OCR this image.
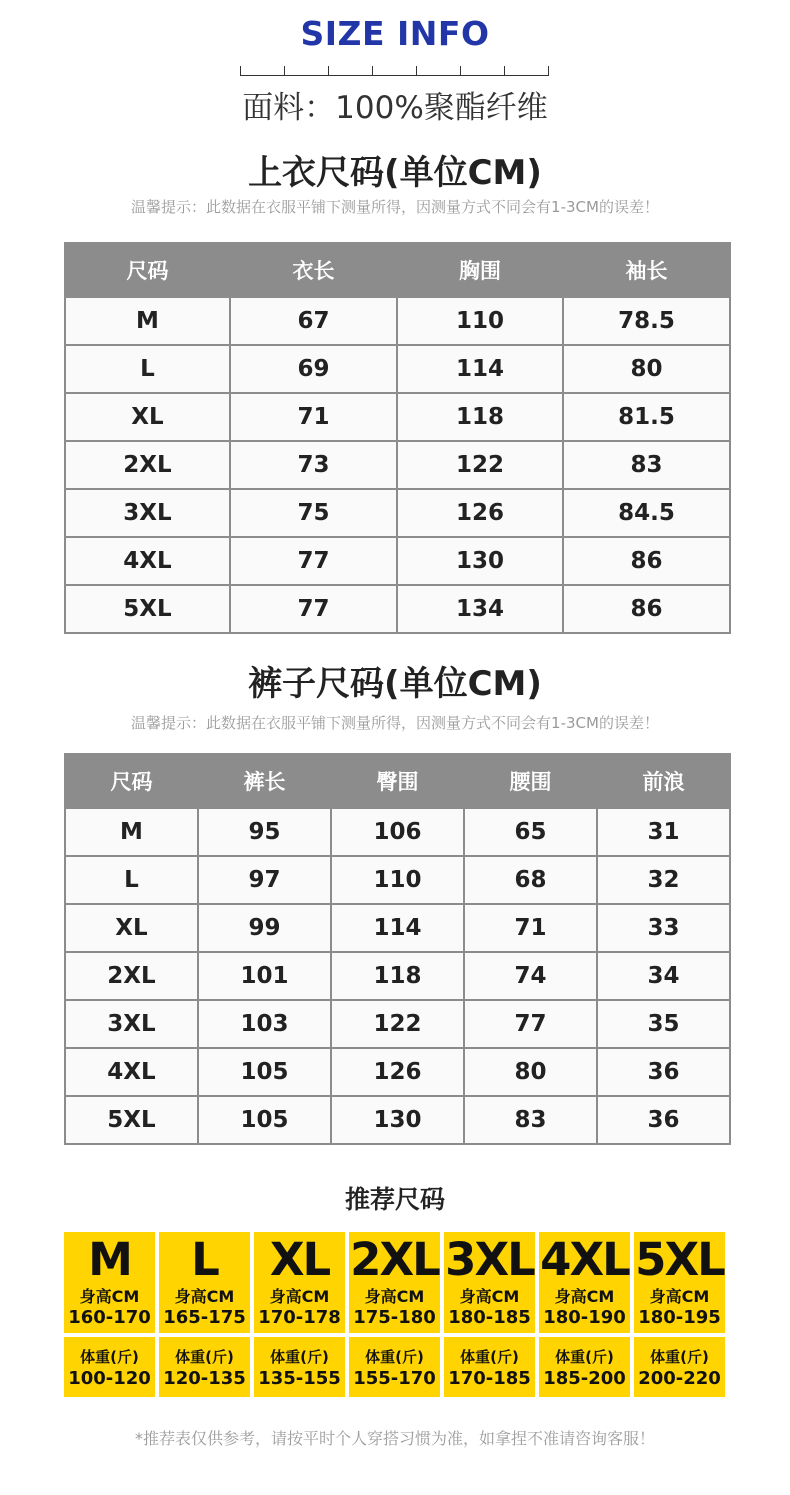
SIZE INFO
面料：100%聚酯纤维
上衣尺码(单位CM)
温馨提示：此数据在衣服平铺下测量所得，因测量方式不同会有1-3CM的误差！
尺码	衣长	胸围	袖长
M	67	110	78.5
L	69	114	80
XL	71	118	81.5
2XL	73	122	83
3XL	75	126	84.5
4XL	77	130	86
5XL	77	134	86
裤子尺码(单位CM)
温馨提示：此数据在衣服平铺下测量所得，因测量方式不同会有1-3CM的误差！
尺码	裤长	臀围	腰围	前浪
M	95	106	65	31
L	97	110	68	32
XL	99	114	71	33
2XL	101	118	74	34
3XL	103	122	77	35
4XL	105	126	80	36
5XL	105	130	83	36
推荐尺码
M
身高CM
160-170
体重(斤)
100-120
L
身高CM
165-175
体重(斤)
120-135
XL
身高CM
170-178
体重(斤)
135-155
2XL
身高CM
175-180
体重(斤)
155-170
3XL
身高CM
180-185
体重(斤)
170-185
4XL
身高CM
180-190
体重(斤)
185-200
5XL
身高CM
180-195
体重(斤)
200-220
*推荐表仅供参考，请按平时个人穿搭习惯为准，如拿捏不准请咨询客服！
